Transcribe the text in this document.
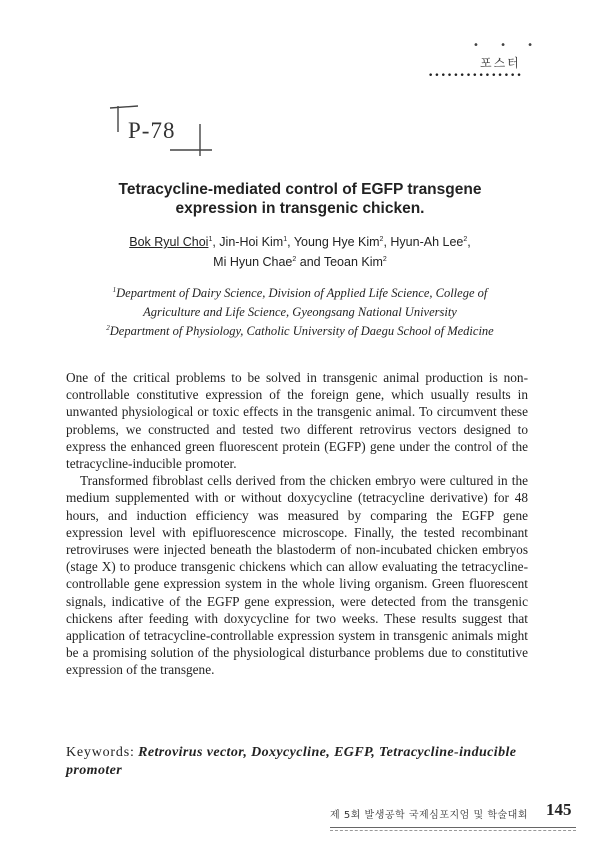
• • •
포스터
•••••••••••••••
P-78
Tetracycline-mediated control of EGFP transgene
expression in transgenic chicken.
Bok Ryul Choi$^1$, Jin-Hoi Kim$^1$, Young Hye Kim$^2$, Hyun-Ah Lee$^2$,
Mi Hyun Chae$^2$ and Teoan Kim$^2$
$^1$Department of Dairy Science, Division of Applied Life Science, College of
Agriculture and Life Science, Gyeongsang National University
$^2$Department of Physiology, Catholic University of Daegu School of Medicine

One of the critical problems to be solved in transgenic animal production is non-controllable constitutive expression of the foreign gene, which usually results in unwanted physiological or toxic effects in the transgenic animal. To circumvent these problems, we constructed and tested two different retrovirus vectors designed to express the enhanced green fluorescent protein (EGFP) gene under the control of the tetracycline-inducible promoter.

Transformed fibroblast cells derived from the chicken embryo were cultured in the medium supplemented with or without doxycycline (tetracycline derivative) for 48 hours, and induction efficiency was measured by comparing the EGFP gene expression level with epifluorescence microscope. Finally, the tested recombinant retroviruses were injected beneath the blastoderm of non-incubated chicken embryos (stage X) to produce transgenic chickens which can allow evaluating the tetracycline-controllable gene expression system in the whole living organism. Green fluorescent signals, indicative of the EGFP gene expression, were detected from the transgenic chickens after feeding with doxycycline for two weeks. These results suggest that application of tetracycline-controllable expression system in transgenic animals might be a promising solution of the physiological disturbance problems due to constitutive expression of the transgene.

Keywords: Retrovirus vector, Doxycycline, EGFP, Tetracycline-inducible promoter
제 5회 발생공학 국제심포지엄 및 학술대회 145
